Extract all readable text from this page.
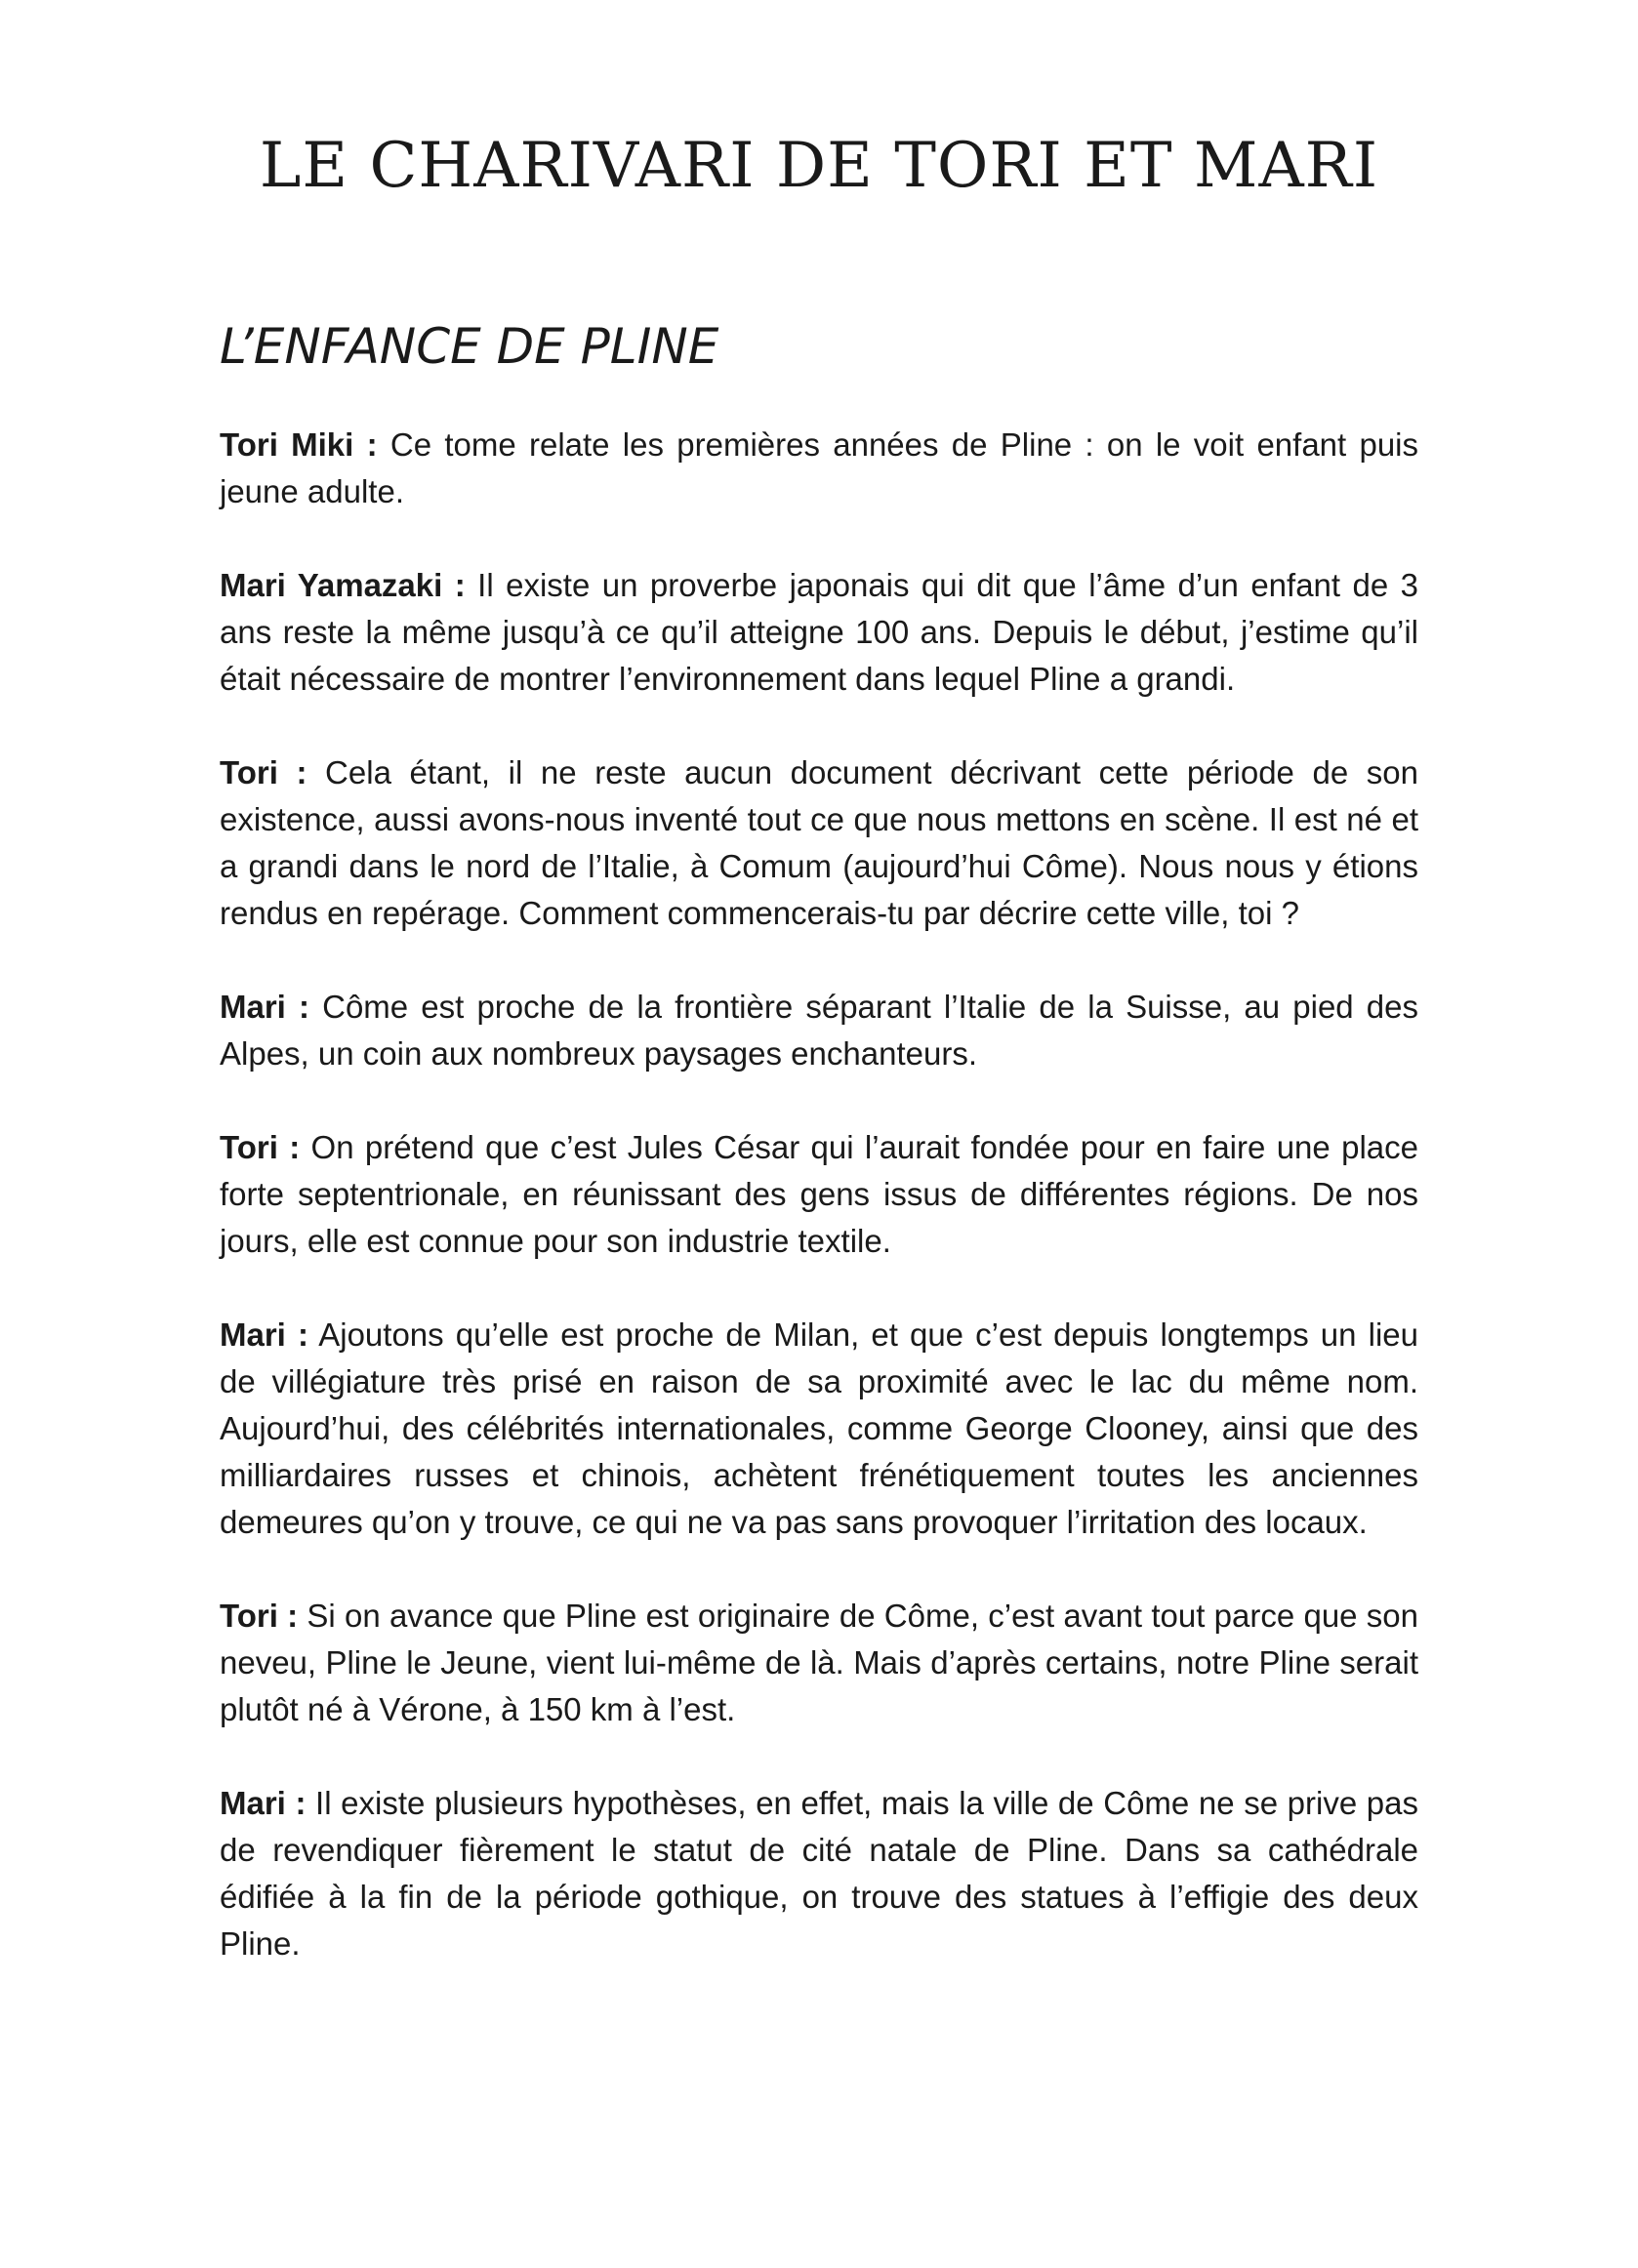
LE CHARIVARI DE TORI ET MARI
L’ENFANCE DE PLINE

Tori Miki : Ce tome relate les premières années de Pline : on le voit enfant puis jeune adulte.

Mari Yamazaki : Il existe un proverbe japonais qui dit que l’âme d’un enfant de 3 ans reste la même jusqu’à ce qu’il atteigne 100 ans. Depuis le début, j’estime qu’il était nécessaire de montrer l’environnement dans lequel Pline a grandi.

Tori : Cela étant, il ne reste aucun document décrivant cette période de son existence, aussi avons-nous inventé tout ce que nous mettons en scène. Il est né et a grandi dans le nord de l’Italie, à Comum (aujourd’hui Côme). Nous nous y étions rendus en repérage. Comment commencerais-tu par décrire cette ville, toi ?

Mari : Côme est proche de la frontière séparant l’Italie de la Suisse, au pied des Alpes, un coin aux nombreux paysages enchanteurs.

Tori : On prétend que c’est Jules César qui l’aurait fondée pour en faire une place forte septentrionale, en réunissant des gens issus de différentes régions. De nos jours, elle est connue pour son industrie textile.

Mari : Ajoutons qu’elle est proche de Milan, et que c’est depuis longtemps un lieu de villégiature très prisé en raison de sa proximité avec le lac du même nom. Aujourd’hui, des célébrités internationales, comme George Clooney, ainsi que des milliardaires russes et chinois, achètent frénétiquement toutes les anciennes demeures qu’on y trouve, ce qui ne va pas sans provoquer l’irritation des locaux.

Tori : Si on avance que Pline est originaire de Côme, c’est avant tout parce que son neveu, Pline le Jeune, vient lui-même de là. Mais d’après certains, notre Pline serait plutôt né à Vérone, à 150 km à l’est.

Mari : Il existe plusieurs hypothèses, en effet, mais la ville de Côme ne se prive pas de revendiquer fièrement le statut de cité natale de Pline. Dans sa cathédrale édifiée à la fin de la période gothique, on trouve des statues à l’effigie des deux Pline.
